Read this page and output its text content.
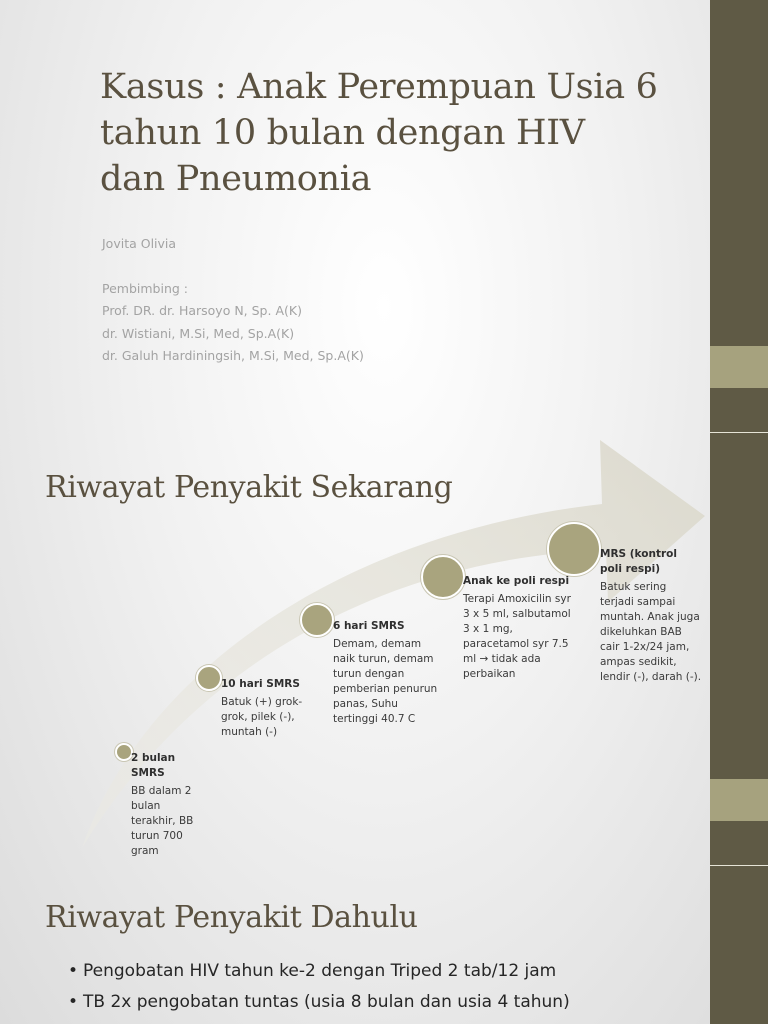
Kasus : Anak Perempuan Usia 6 tahun 10 bulan dengan HIV dan Pneumonia
Jovita Olivia
Pembimbing :
Prof. DR. dr. Harsoyo N, Sp. A(K)
dr. Wistiani, M.Si, Med, Sp.A(K)
dr. Galuh Hardiningsih, M.Si, Med, Sp.A(K)
Riwayat Penyakit Sekarang
2 bulan SMRS
BB dalam 2 bulan terakhir, BB turun 700 gram
10 hari SMRS
Batuk (+) grok-grok, pilek (-), muntah (-)
6 hari SMRS
Demam, demam naik turun, demam turun dengan pemberian penurun panas, Suhu tertinggi 40.7 C
Anak ke poli respi
Terapi Amoxicilin syr 3 x 5 ml, salbutamol 3 x 1 mg, paracetamol syr 7.5 ml → tidak ada perbaikan
MRS (kontrol poli respi)
Batuk sering terjadi sampai muntah. Anak juga dikeluhkan BAB cair 1-2x/24 jam, ampas sedikit, lendir (-), darah (-).
Riwayat Penyakit Dahulu
• Pengobatan HIV tahun ke-2 dengan Triped 2 tab/12 jam
• TB 2x pengobatan tuntas (usia 8 bulan dan usia 4 tahun)
